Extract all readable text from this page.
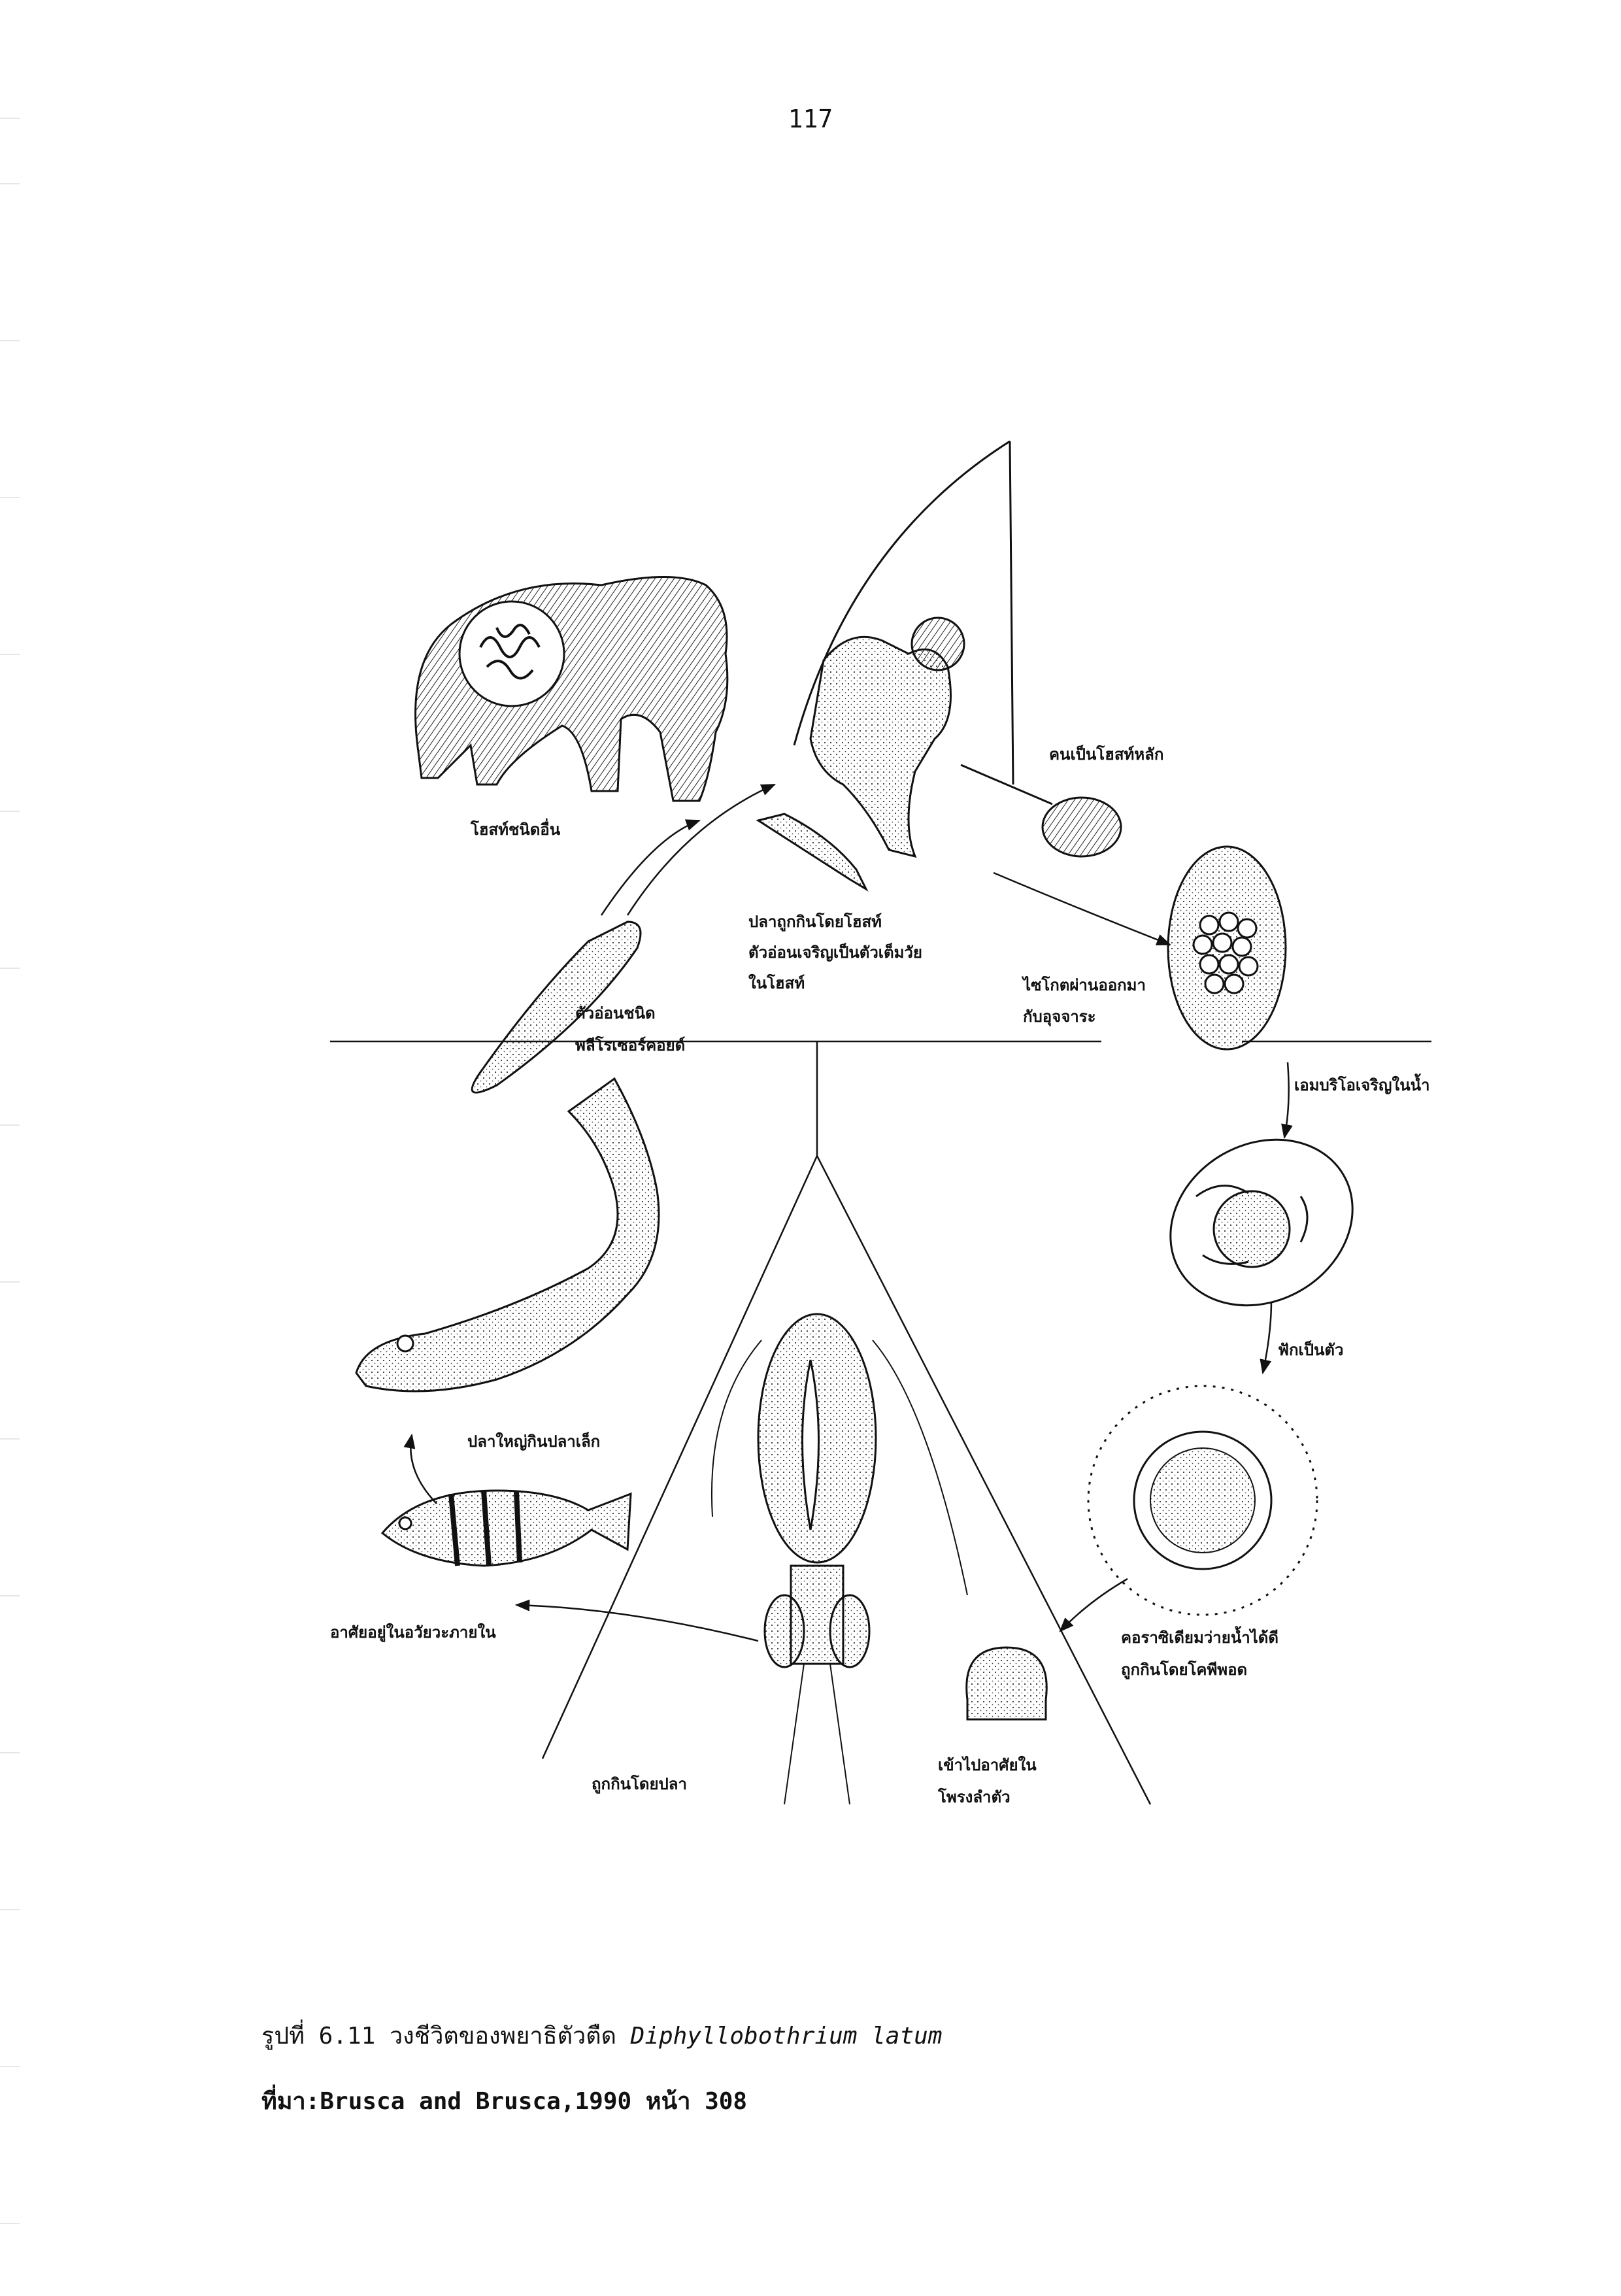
117
โฮสท์ชนิดอื่น
คนเป็นโฮสท์หลัก
ปลาถูกกินโดยโฮสท์
ตัวอ่อนเจริญเป็นตัวเต็มวัย
ในโฮสท์
ตัวอ่อนชนิด
พลีโรเซอร์คอยด์
ไซโกตผ่านออกมา
กับอุจจาระ
เอมบริโอเจริญในน้ำ
ฟักเป็นตัว
คอราซิเดียมว่ายน้ำได้ดี
ถูกกินโดยโคพีพอด
ปลาใหญ่กินปลาเล็ก
อาศัยอยู่ในอวัยวะภายใน
ถูกกินโดยปลา
เข้าไปอาศัยใน
โพรงลำตัว
รูปที่ 6.11 วงชีวิตของพยาธิตัวตืด Diphyllobothrium latum
ที่มา:Brusca and Brusca,1990 หน้า 308
